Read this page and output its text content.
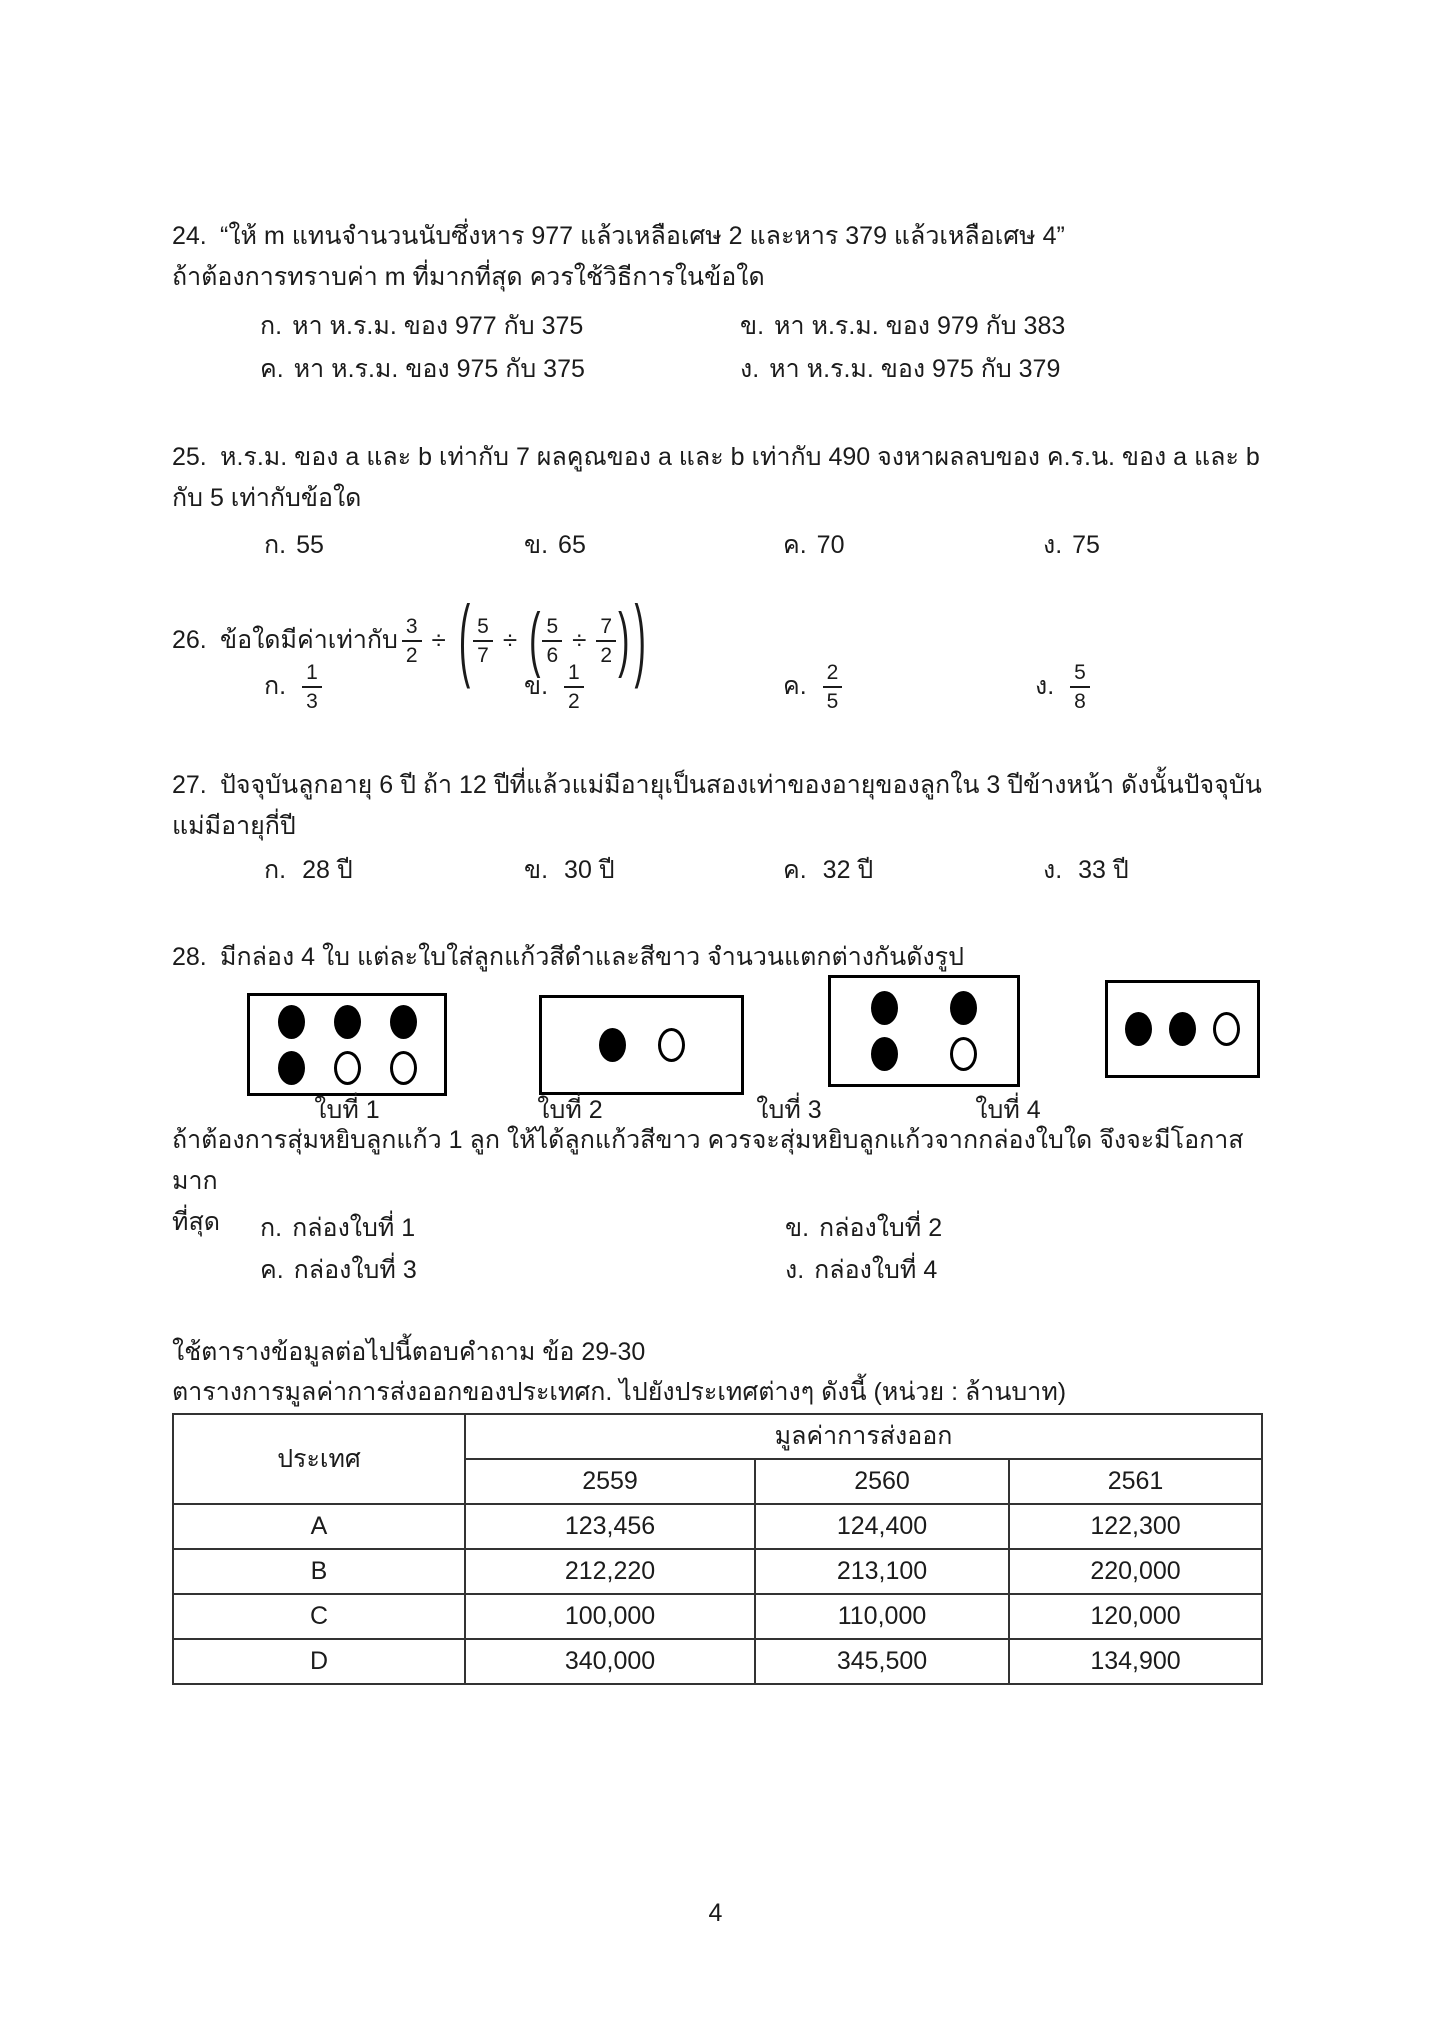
24. “ให้ m แทนจำนวนนับซึ่งหาร 977 แล้วเหลือเศษ 2 และหาร 379 แล้วเหลือเศษ 4”
ถ้าต้องการทราบค่า m ที่มากที่สุด ควรใช้วิธีการในข้อใด
ก. หา ห.ร.ม. ของ 977 กับ 375	ข. หา ห.ร.ม. ของ 979 กับ 383
ค. หา ห.ร.ม. ของ 975 กับ 375	ง. หา ห.ร.ม. ของ 975 กับ 379
25. ห.ร.ม. ของ a และ b เท่ากับ 7 ผลคูณของ a และ b เท่ากับ 490 จงหาผลลบของ ค.ร.น. ของ a และ b
กับ 5 เท่ากับข้อใด
ก. 55	ข. 65	ค. 70	ง. 75
26. ข้อใดมีค่าเท่ากับ $\frac{3}{2}$ ÷ ( $\frac{5}{7}$ ÷ ( $\frac{5}{6} \div \frac{7}{2}$ ) )
ก. $\frac{1}{3}$	ข. $\frac{1}{2}$	ค. $\frac{2}{5}$	ง. $\frac{5}{8}$
27. ปัจจุบันลูกอายุ 6 ปี ถ้า 12 ปีที่แล้วแม่มีอายุเป็นสองเท่าของอายุของลูกใน 3 ปีข้างหน้า ดังนั้นปัจจุบัน
แม่มีอายุกี่ปี
ก. 28 ปี	ข. 30 ปี	ค. 32 ปี	ง. 33 ปี
28. มีกล่อง 4 ใบ แต่ละใบใส่ลูกแก้วสีดำและสีขาว จำนวนแตกต่างกันดังรูป
ใบที่ 1	ใบที่ 2	ใบที่ 3	ใบที่ 4
ถ้าต้องการสุ่มหยิบลูกแก้ว 1 ลูก ให้ได้ลูกแก้วสีขาว ควรจะสุ่มหยิบลูกแก้วจากกล่องใบใด จึงจะมีโอกาสมาก
ที่สุด	ก. กล่องใบที่ 1	ข. กล่องใบที่ 2
ค. กล่องใบที่ 3	ง. กล่องใบที่ 4
ใช้ตารางข้อมูลต่อไปนี้ตอบคำถาม ข้อ 29-30
ตารางการมูลค่าการส่งออกของประเทศก. ไปยังประเทศต่างๆ ดังนี้ (หน่วย : ล้านบาท)
ประเทศ	มูลค่าการส่งออก		
	2559	2560	2561
A	123,456	124,400	122,300
B	212,220	213,100	220,000
C	100,000	110,000	120,000
D	340,000	345,500	134,900
4
